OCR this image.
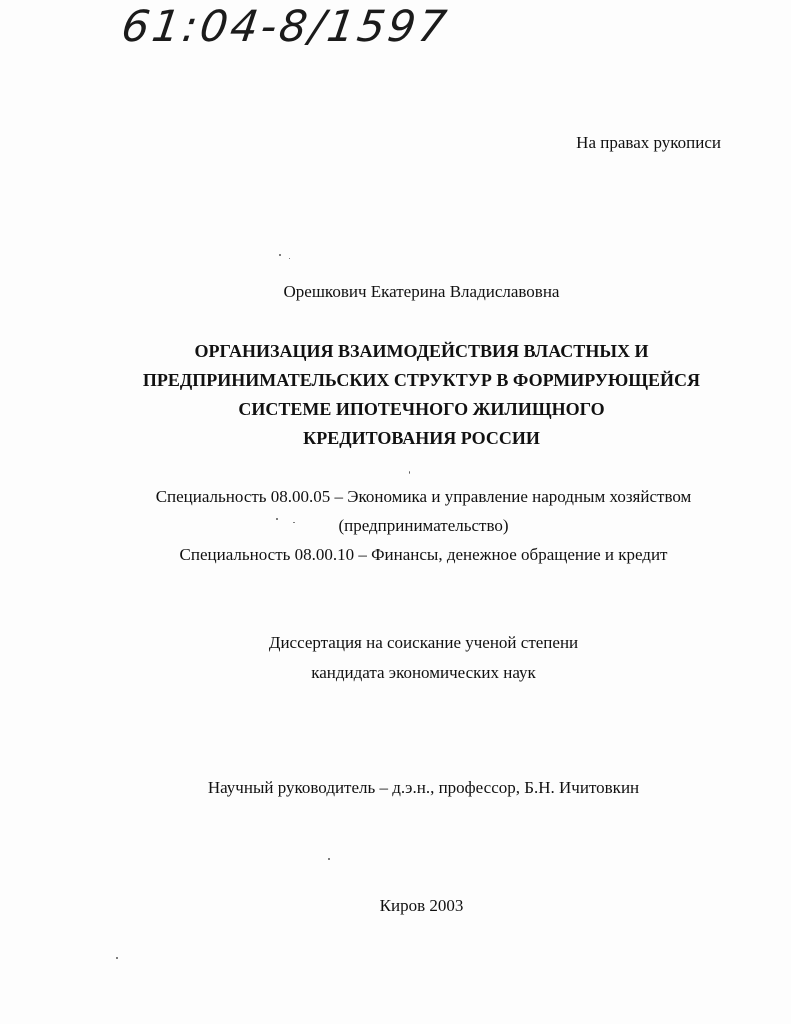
61:04-8/1597
На правах рукописи
Орешкович Екатерина Владиславовна
ОРГАНИЗАЦИЯ ВЗАИМОДЕЙСТВИЯ ВЛАСТНЫХ И
ПРЕДПРИНИМАТЕЛЬСКИХ СТРУКТУР В ФОРМИРУЮЩЕЙСЯ
СИСТЕМЕ ИПОТЕЧНОГО ЖИЛИЩНОГО
КРЕДИТОВАНИЯ РОССИИ
Специальность 08.00.05 – Экономика и управление народным хозяйством
(предпринимательство)
Специальность 08.00.10 – Финансы, денежное обращение и кредит
Диссертация на соискание ученой степени
кандидата экономических наук
Научный руководитель – д.э.н., профессор, Б.Н. Ичитовкин
Киров 2003
